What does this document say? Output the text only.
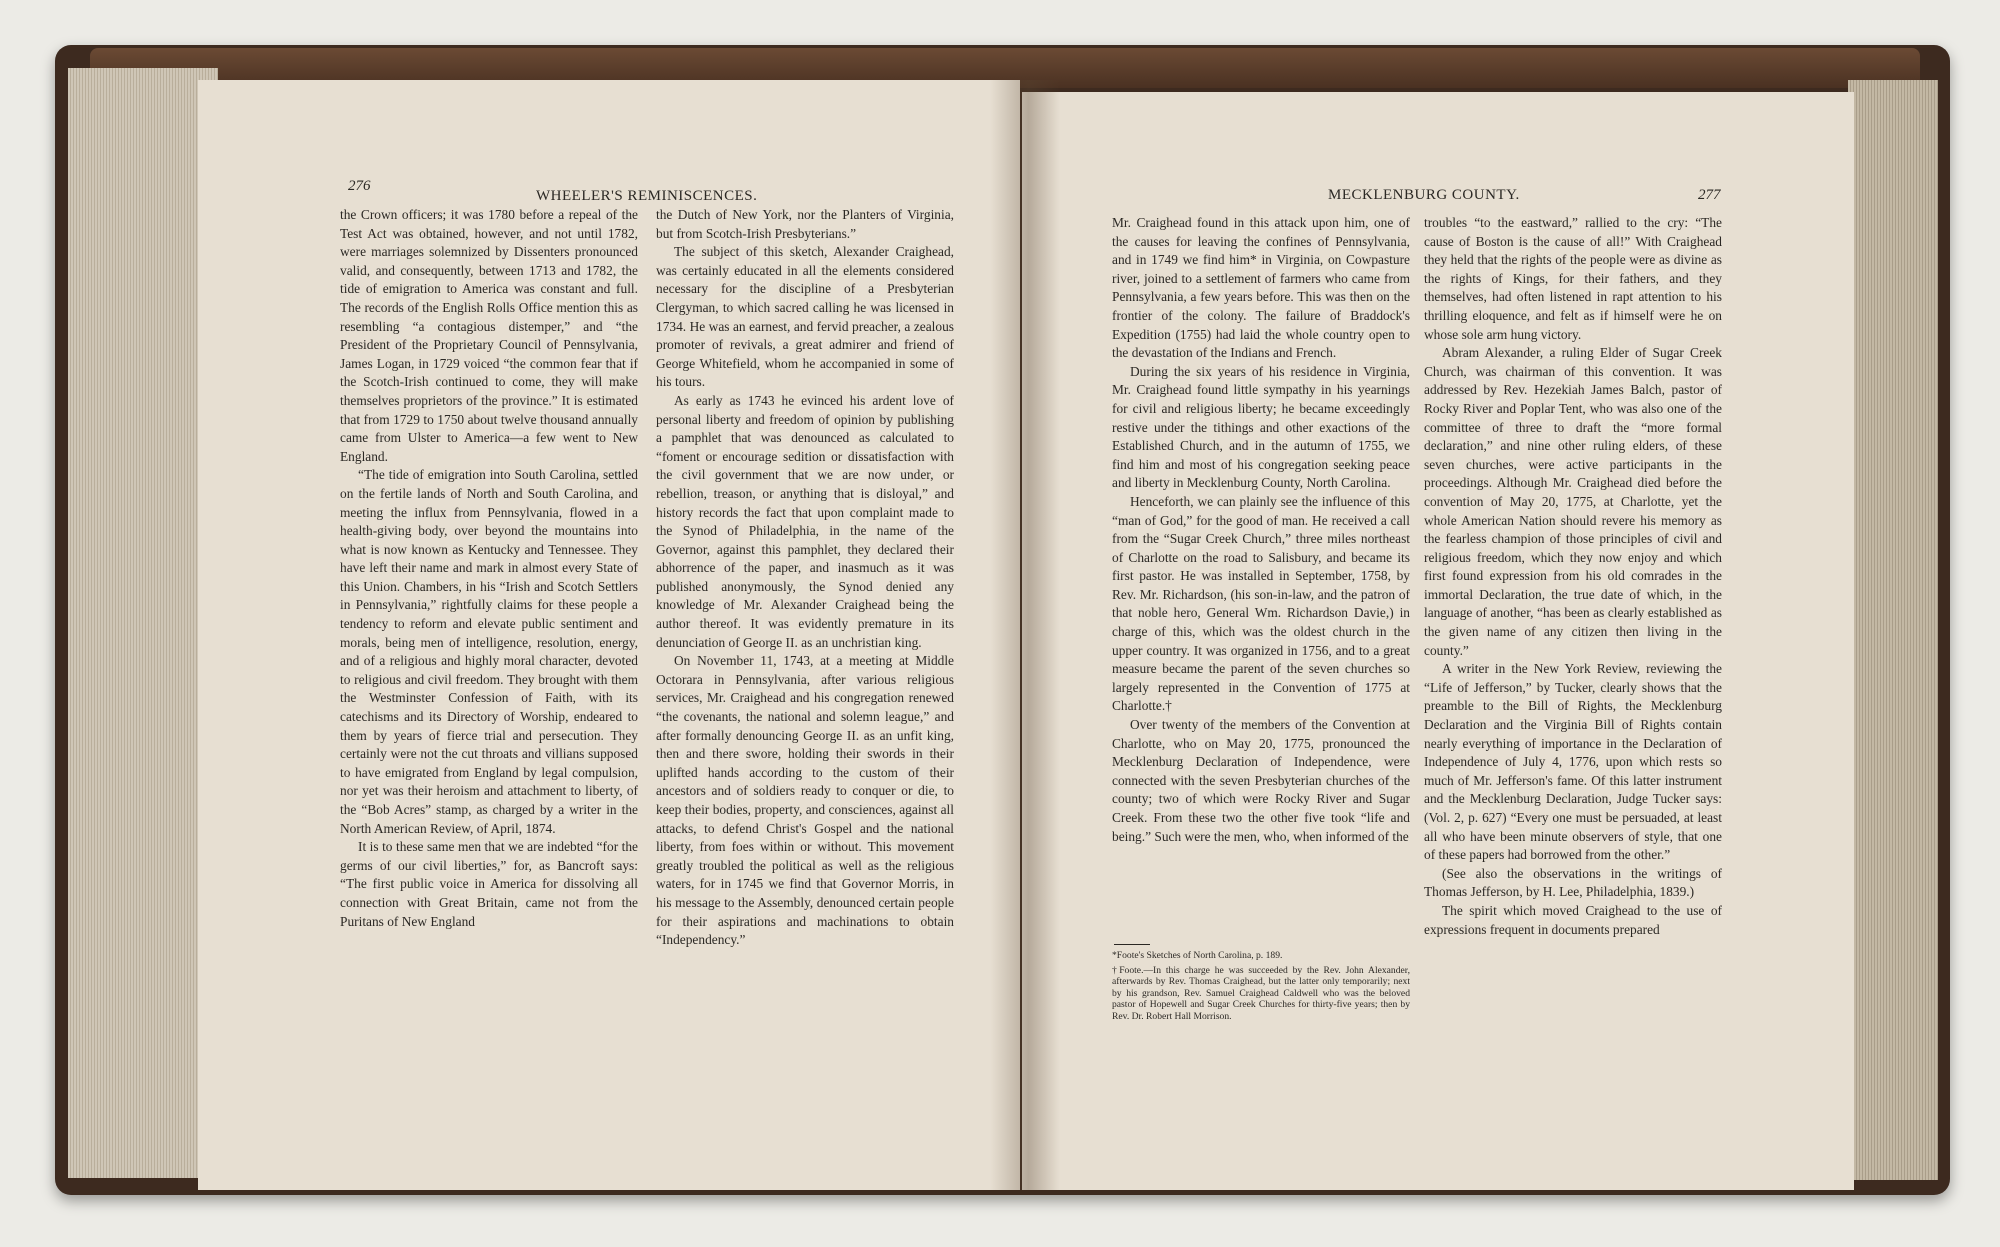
276
WHEELER'S REMINISCENCES.

the Crown officers; it was 1780 before a repeal of the Test Act was obtained, however, and not until 1782, were marriages solemnized by Dissenters pronounced valid, and consequently, between 1713 and 1782, the tide of emigration to America was constant and full. The records of the English Rolls Office mention this as resembling “a contagious distemper,” and “the President of the Proprietary Council of Pennsylvania, James Logan, in 1729 voiced “the common fear that if the Scotch-Irish continued to come, they will make themselves proprietors of the province.” It is estimated that from 1729 to 1750 about twelve thousand annually came from Ulster to America—a few went to New England.

“The tide of emigration into South Carolina, settled on the fertile lands of North and South Carolina, and meeting the influx from Pennsylvania, flowed in a health-giving body, over beyond the mountains into what is now known as Kentucky and Tennessee. They have left their name and mark in almost every State of this Union. Chambers, in his “Irish and Scotch Settlers in Pennsylvania,” rightfully claims for these people a tendency to reform and elevate public sentiment and morals, being men of intelligence, resolution, energy, and of a religious and highly moral character, devoted to religious and civil freedom. They brought with them the Westminster Confession of Faith, with its catechisms and its Directory of Worship, endeared to them by years of fierce trial and persecution. They certainly were not the cut throats and villians supposed to have emigrated from England by legal compulsion, nor yet was their heroism and attachment to liberty, of the “Bob Acres” stamp, as charged by a writer in the North American Review, of April, 1874.

It is to these same men that we are indebted “for the germs of our civil liberties,” for, as Bancroft says: “The first public voice in America for dissolving all connection with Great Britain, came not from the Puritans of New England

the Dutch of New York, nor the Planters of Virginia, but from Scotch-Irish Presbyterians.”

The subject of this sketch, Alexander Craighead, was certainly educated in all the elements considered necessary for the discipline of a Presbyterian Clergyman, to which sacred calling he was licensed in 1734. He was an earnest, and fervid preacher, a zealous promoter of revivals, a great admirer and friend of George Whitefield, whom he accompanied in some of his tours.

As early as 1743 he evinced his ardent love of personal liberty and freedom of opinion by publishing a pamphlet that was denounced as calculated to “foment or encourage sedition or dissatisfaction with the civil government that we are now under, or rebellion, treason, or anything that is disloyal,” and history records the fact that upon complaint made to the Synod of Philadelphia, in the name of the Governor, against this pamphlet, they declared their abhorrence of the paper, and inasmuch as it was published anonymously, the Synod denied any knowledge of Mr. Alexander Craighead being the author thereof. It was evidently premature in its denunciation of George II. as an unchristian king.

On November 11, 1743, at a meeting at Middle Octorara in Pennsylvania, after various religious services, Mr. Craighead and his congregation renewed “the covenants, the national and solemn league,” and after formally denouncing George II. as an unfit king, then and there swore, holding their swords in their uplifted hands according to the custom of their ancestors and of soldiers ready to conquer or die, to keep their bodies, property, and consciences, against all attacks, to defend Christ's Gospel and the national liberty, from foes within or without. This movement greatly troubled the political as well as the religious waters, for in 1745 we find that Governor Morris, in his message to the Assembly, denounced certain people for their aspirations and machinations to obtain “Independency.”

MECKLENBURG COUNTY.	277

Mr. Craighead found in this attack upon him, one of the causes for leaving the confines of Pennsylvania, and in 1749 we find him* in Virginia, on Cowpasture river, joined to a settlement of farmers who came from Pennsylvania, a few years before. This was then on the frontier of the colony. The failure of Braddock's Expedition (1755) had laid the whole country open to the devastation of the Indians and French.

During the six years of his residence in Virginia, Mr. Craighead found little sympathy in his yearnings for civil and religious liberty; he became exceedingly restive under the tithings and other exactions of the Established Church, and in the autumn of 1755, we find him and most of his congregation seeking peace and liberty in Mecklenburg County, North Carolina.

Henceforth, we can plainly see the influence of this “man of God,” for the good of man. He received a call from the “Sugar Creek Church,” three miles northeast of Charlotte on the road to Salisbury, and became its first pastor. He was installed in September, 1758, by Rev. Mr. Richardson, (his son-in-law, and the patron of that noble hero, General Wm. Richardson Davie,) in charge of this, which was the oldest church in the upper country. It was organized in 1756, and to a great measure became the parent of the seven churches so largely represented in the Convention of 1775 at Charlotte.†

Over twenty of the members of the Convention at Charlotte, who on May 20, 1775, pronounced the Mecklenburg Declaration of Independence, were connected with the seven Presbyterian churches of the county; two of which were Rocky River and Sugar Creek. From these two the other five took “life and being.” Such were the men, who, when informed of the

*Foote's Sketches of North Carolina, p. 189.

†Foote.—In this charge he was succeeded by the Rev. John Alexander, afterwards by Rev. Thomas Craighead, but the latter only temporarily; next by his grandson, Rev. Samuel Craighead Caldwell who was the beloved pastor of Hopewell and Sugar Creek Churches for thirty-five years; then by Rev. Dr. Robert Hall Morrison.

troubles “to the eastward,” rallied to the cry: “The cause of Boston is the cause of all!” With Craighead they held that the rights of the people were as divine as the rights of Kings, for their fathers, and they themselves, had often listened in rapt attention to his thrilling eloquence, and felt as if himself were he on whose sole arm hung victory.

Abram Alexander, a ruling Elder of Sugar Creek Church, was chairman of this convention. It was addressed by Rev. Hezekiah James Balch, pastor of Rocky River and Poplar Tent, who was also one of the committee of three to draft the “more formal declaration,” and nine other ruling elders, of these seven churches, were active participants in the proceedings. Although Mr. Craighead died before the convention of May 20, 1775, at Charlotte, yet the whole American Nation should revere his memory as the fearless champion of those principles of civil and religious freedom, which they now enjoy and which first found expression from his old comrades in the immortal Declaration, the true date of which, in the language of another, “has been as clearly established as the given name of any citizen then living in the county.”

A writer in the New York Review, reviewing the “Life of Jefferson,” by Tucker, clearly shows that the preamble to the Bill of Rights, the Mecklenburg Declaration and the Virginia Bill of Rights contain nearly everything of importance in the Declaration of Independence of July 4, 1776, upon which rests so much of Mr. Jefferson's fame. Of this latter instrument and the Mecklenburg Declaration, Judge Tucker says: (Vol. 2, p. 627) “Every one must be persuaded, at least all who have been minute observers of style, that one of these papers had borrowed from the other.”

(See also the observations in the writings of Thomas Jefferson, by H. Lee, Philadelphia, 1839.)

The spirit which moved Craighead to the use of expressions frequent in documents prepared
